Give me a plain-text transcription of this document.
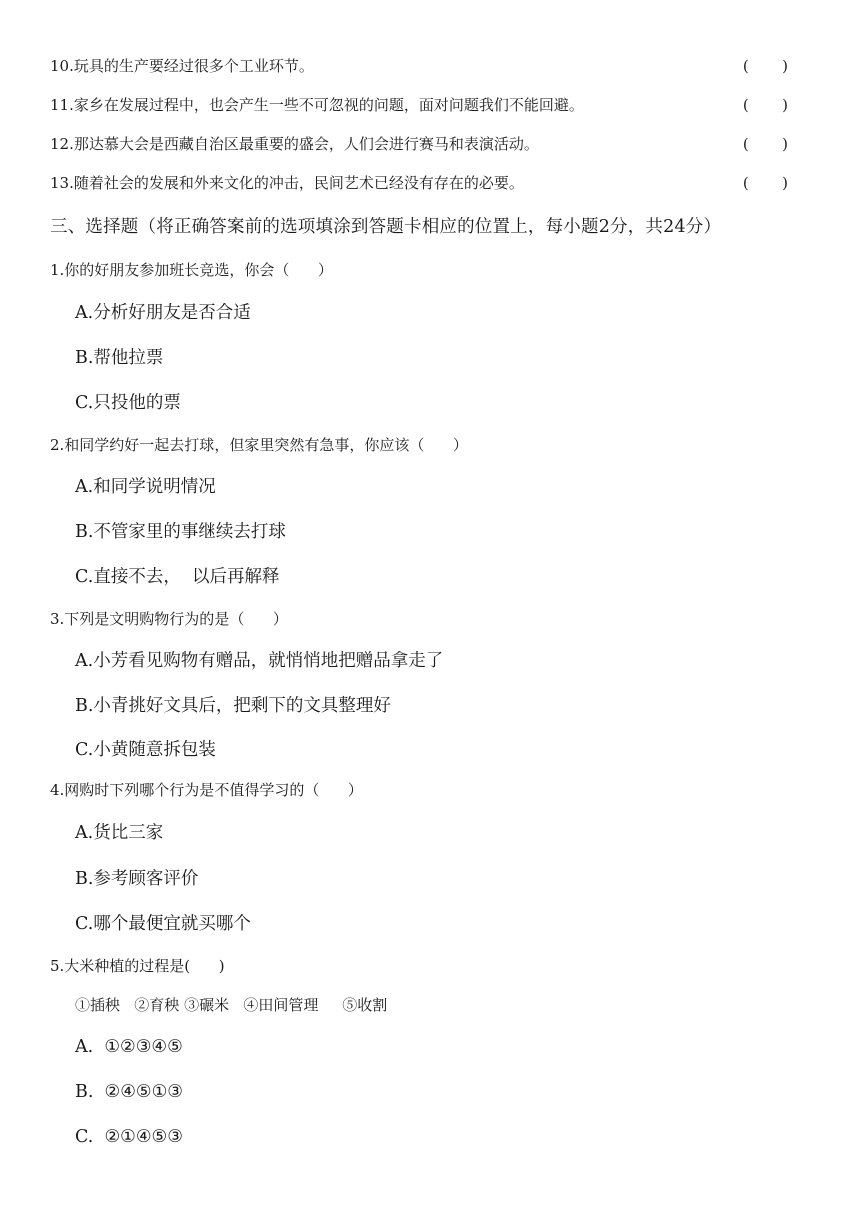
10.玩具的生产要经过很多个工业环节。	(       )
11.家乡在发展过程中，也会产生一些不可忽视的问题，面对问题我们不能回避。	(       )
12.那达慕大会是西藏自治区最重要的盛会，人们会进行赛马和表演活动。	(       )
13.随着社会的发展和外来文化的冲击，民间艺术已经没有存在的必要。	(       )
三、选择题（将正确答案前的选项填涂到答题卡相应的位置上，每小题2分，共24分）
1.你的好朋友参加班长竞选，你会（      ）
A.分析好朋友是否合适
B.帮他拉票
C.只投他的票
2.和同学约好一起去打球，但家里突然有急事，你应该（      ）
A.和同学说明情况
B.不管家里的事继续去打球
C.直接不去，  以后再解释
3.下列是文明购物行为的是（      ）
A.小芳看见购物有赠品，就悄悄地把赠品拿走了
B.小青挑好文具后，把剩下的文具整理好
C.小黄随意拆包装
4.网购时下列哪个行为是不值得学习的（      ）
A.货比三家
B.参考顾客评价
C.哪个最便宜就买哪个
5.大米种植的过程是(      )
①插秧   ②育秧 ③碾米   ④田间管理     ⑤收割
A.  ①②③④⑤
B.  ②④⑤①③
C.  ②①④⑤③
